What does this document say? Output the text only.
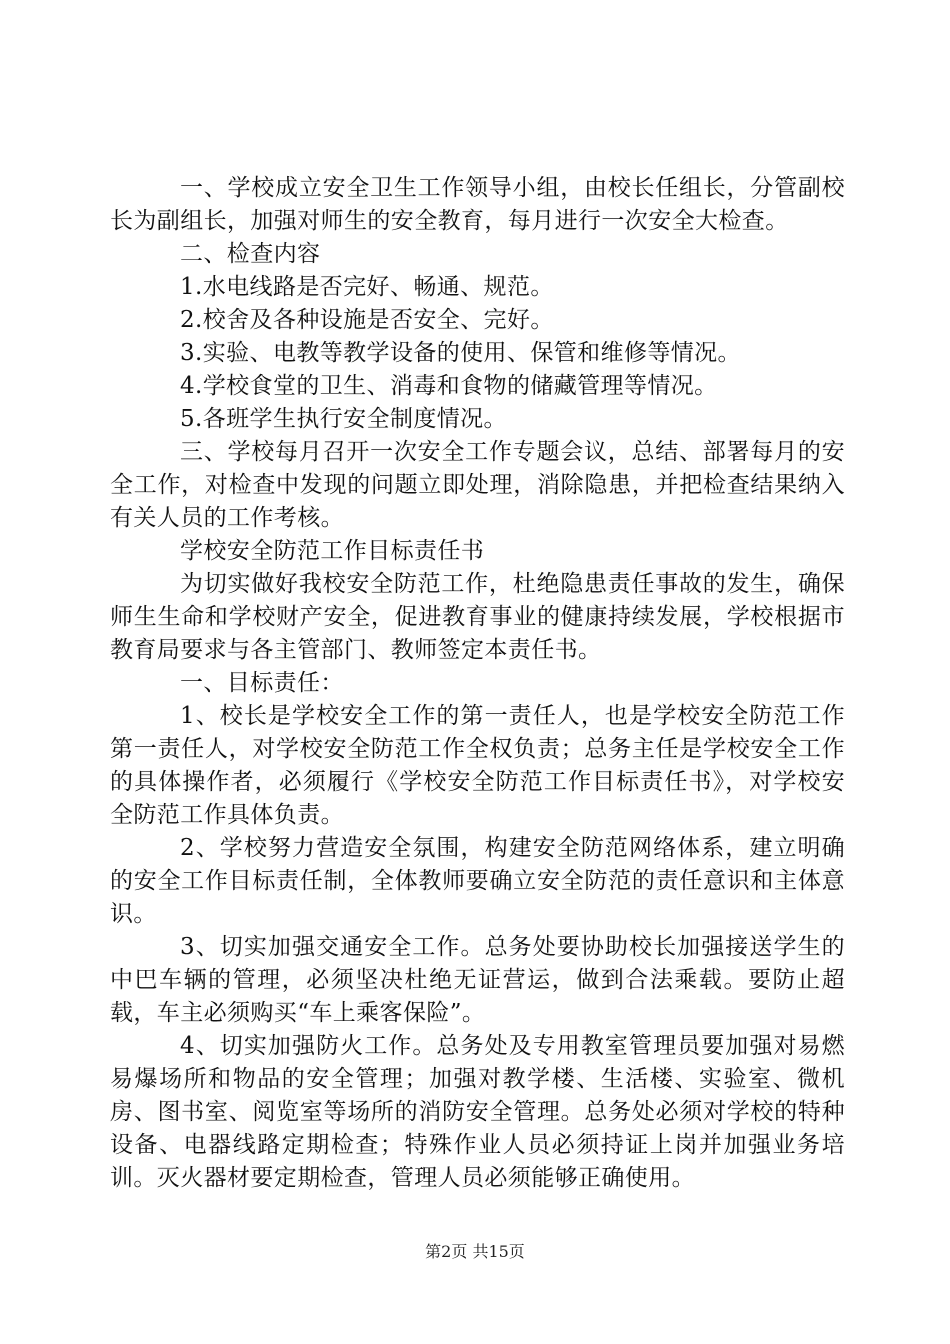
一、学校成立安全卫生工作领导小组，由校长任组长，分管副校长为副组长，加强对师生的安全教育，每月进行一次安全大检查。

二、检查内容

1.水电线路是否完好、畅通、规范。

2.校舍及各种设施是否安全、完好。

3.实验、电教等教学设备的使用、保管和维修等情况。

4.学校食堂的卫生、消毒和食物的储藏管理等情况。

5.各班学生执行安全制度情况。

三、学校每月召开一次安全工作专题会议，总结、部署每月的安全工作，对检查中发现的问题立即处理，消除隐患，并把检查结果纳入有关人员的工作考核。

学校安全防范工作目标责任书

为切实做好我校安全防范工作，杜绝隐患责任事故的发生，确保师生生命和学校财产安全，促进教育事业的健康持续发展，学校根据市教育局要求与各主管部门、教师签定本责任书。

一、目标责任：

1、校长是学校安全工作的第一责任人，也是学校安全防范工作第一责任人，对学校安全防范工作全权负责；总务主任是学校安全工作的具体操作者，必须履行《学校安全防范工作目标责任书》，对学校安全防范工作具体负责。

2、学校努力营造安全氛围，构建安全防范网络体系，建立明确的安全工作目标责任制，全体教师要确立安全防范的责任意识和主体意识。

3、切实加强交通安全工作。总务处要协助校长加强接送学生的中巴车辆的管理，必须坚决杜绝无证营运，做到合法乘载。要防止超载，车主必须购买“车上乘客保险”。

4、切实加强防火工作。总务处及专用教室管理员要加强对易燃易爆场所和物品的安全管理；加强对教学楼、生活楼、实验室、微机房、图书室、阅览室等场所的消防安全管理。总务处必须对学校的特种设备、电器线路定期检查；特殊作业人员必须持证上岗并加强业务培训。灭火器材要定期检查，管理人员必须能够正确使用。

第2页 共15页
